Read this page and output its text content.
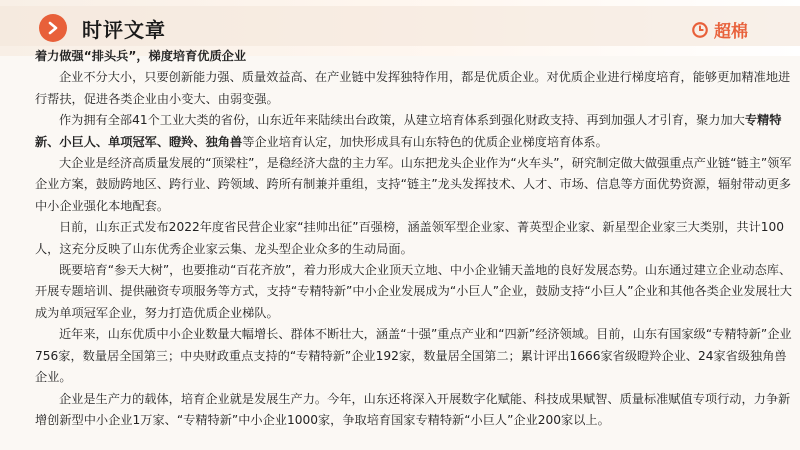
时评文章	超棉

着力做强“排头兵”，梯度培育优质企业

企业不分大小，只要创新能力强、质量效益高、在产业链中发挥独特作用，都是优质企业。对优质企业进行梯度培育，能够更加精准地进行帮扶，促进各类企业由小变大、由弱变强。

作为拥有全部41个工业大类的省份，山东近年来陆续出台政策，从建立培育体系到强化财政支持、再到加强人才引育，聚力加大专精特新、小巨人、单项冠军、瞪羚、独角兽等企业培育认定，加快形成具有山东特色的优质企业梯度培育体系。

大企业是经济高质量发展的“顶梁柱”，是稳经济大盘的主力军。山东把龙头企业作为“火车头”，研究制定做大做强重点产业链“链主”领军企业方案，鼓励跨地区、跨行业、跨领域、跨所有制兼并重组，支持“链主”龙头发挥技术、人才、市场、信息等方面优势资源，辐射带动更多中小企业强化本地配套。

日前，山东正式发布2022年度省民营企业家“挂帅出征”百强榜，涵盖领军型企业家、菁英型企业家、新星型企业家三大类别，共计100人，这充分反映了山东优秀企业家云集、龙头型企业众多的生动局面。

既要培育“参天大树”，也要推动“百花齐放”，着力形成大企业顶天立地、中小企业铺天盖地的良好发展态势。山东通过建立企业动态库、开展专题培训、提供融资专项服务等方式，支持“专精特新”中小企业发展成为“小巨人”企业，鼓励支持“小巨人”企业和其他各类企业发展壮大成为单项冠军企业，努力打造优质企业梯队。

近年来，山东优质中小企业数量大幅增长、群体不断壮大，涵盖“十强”重点产业和“四新”经济领域。目前，山东有国家级“专精特新”企业756家，数量居全国第三；中央财政重点支持的“专精特新”企业192家，数量居全国第二；累计评出1666家省级瞪羚企业、24家省级独角兽企业。

企业是生产力的载体，培育企业就是发展生产力。今年，山东还将深入开展数字化赋能、科技成果赋智、质量标准赋值专项行动，力争新增创新型中小企业1万家、“专精特新”中小企业1000家，争取培育国家专精特新“小巨人”企业200家以上。
